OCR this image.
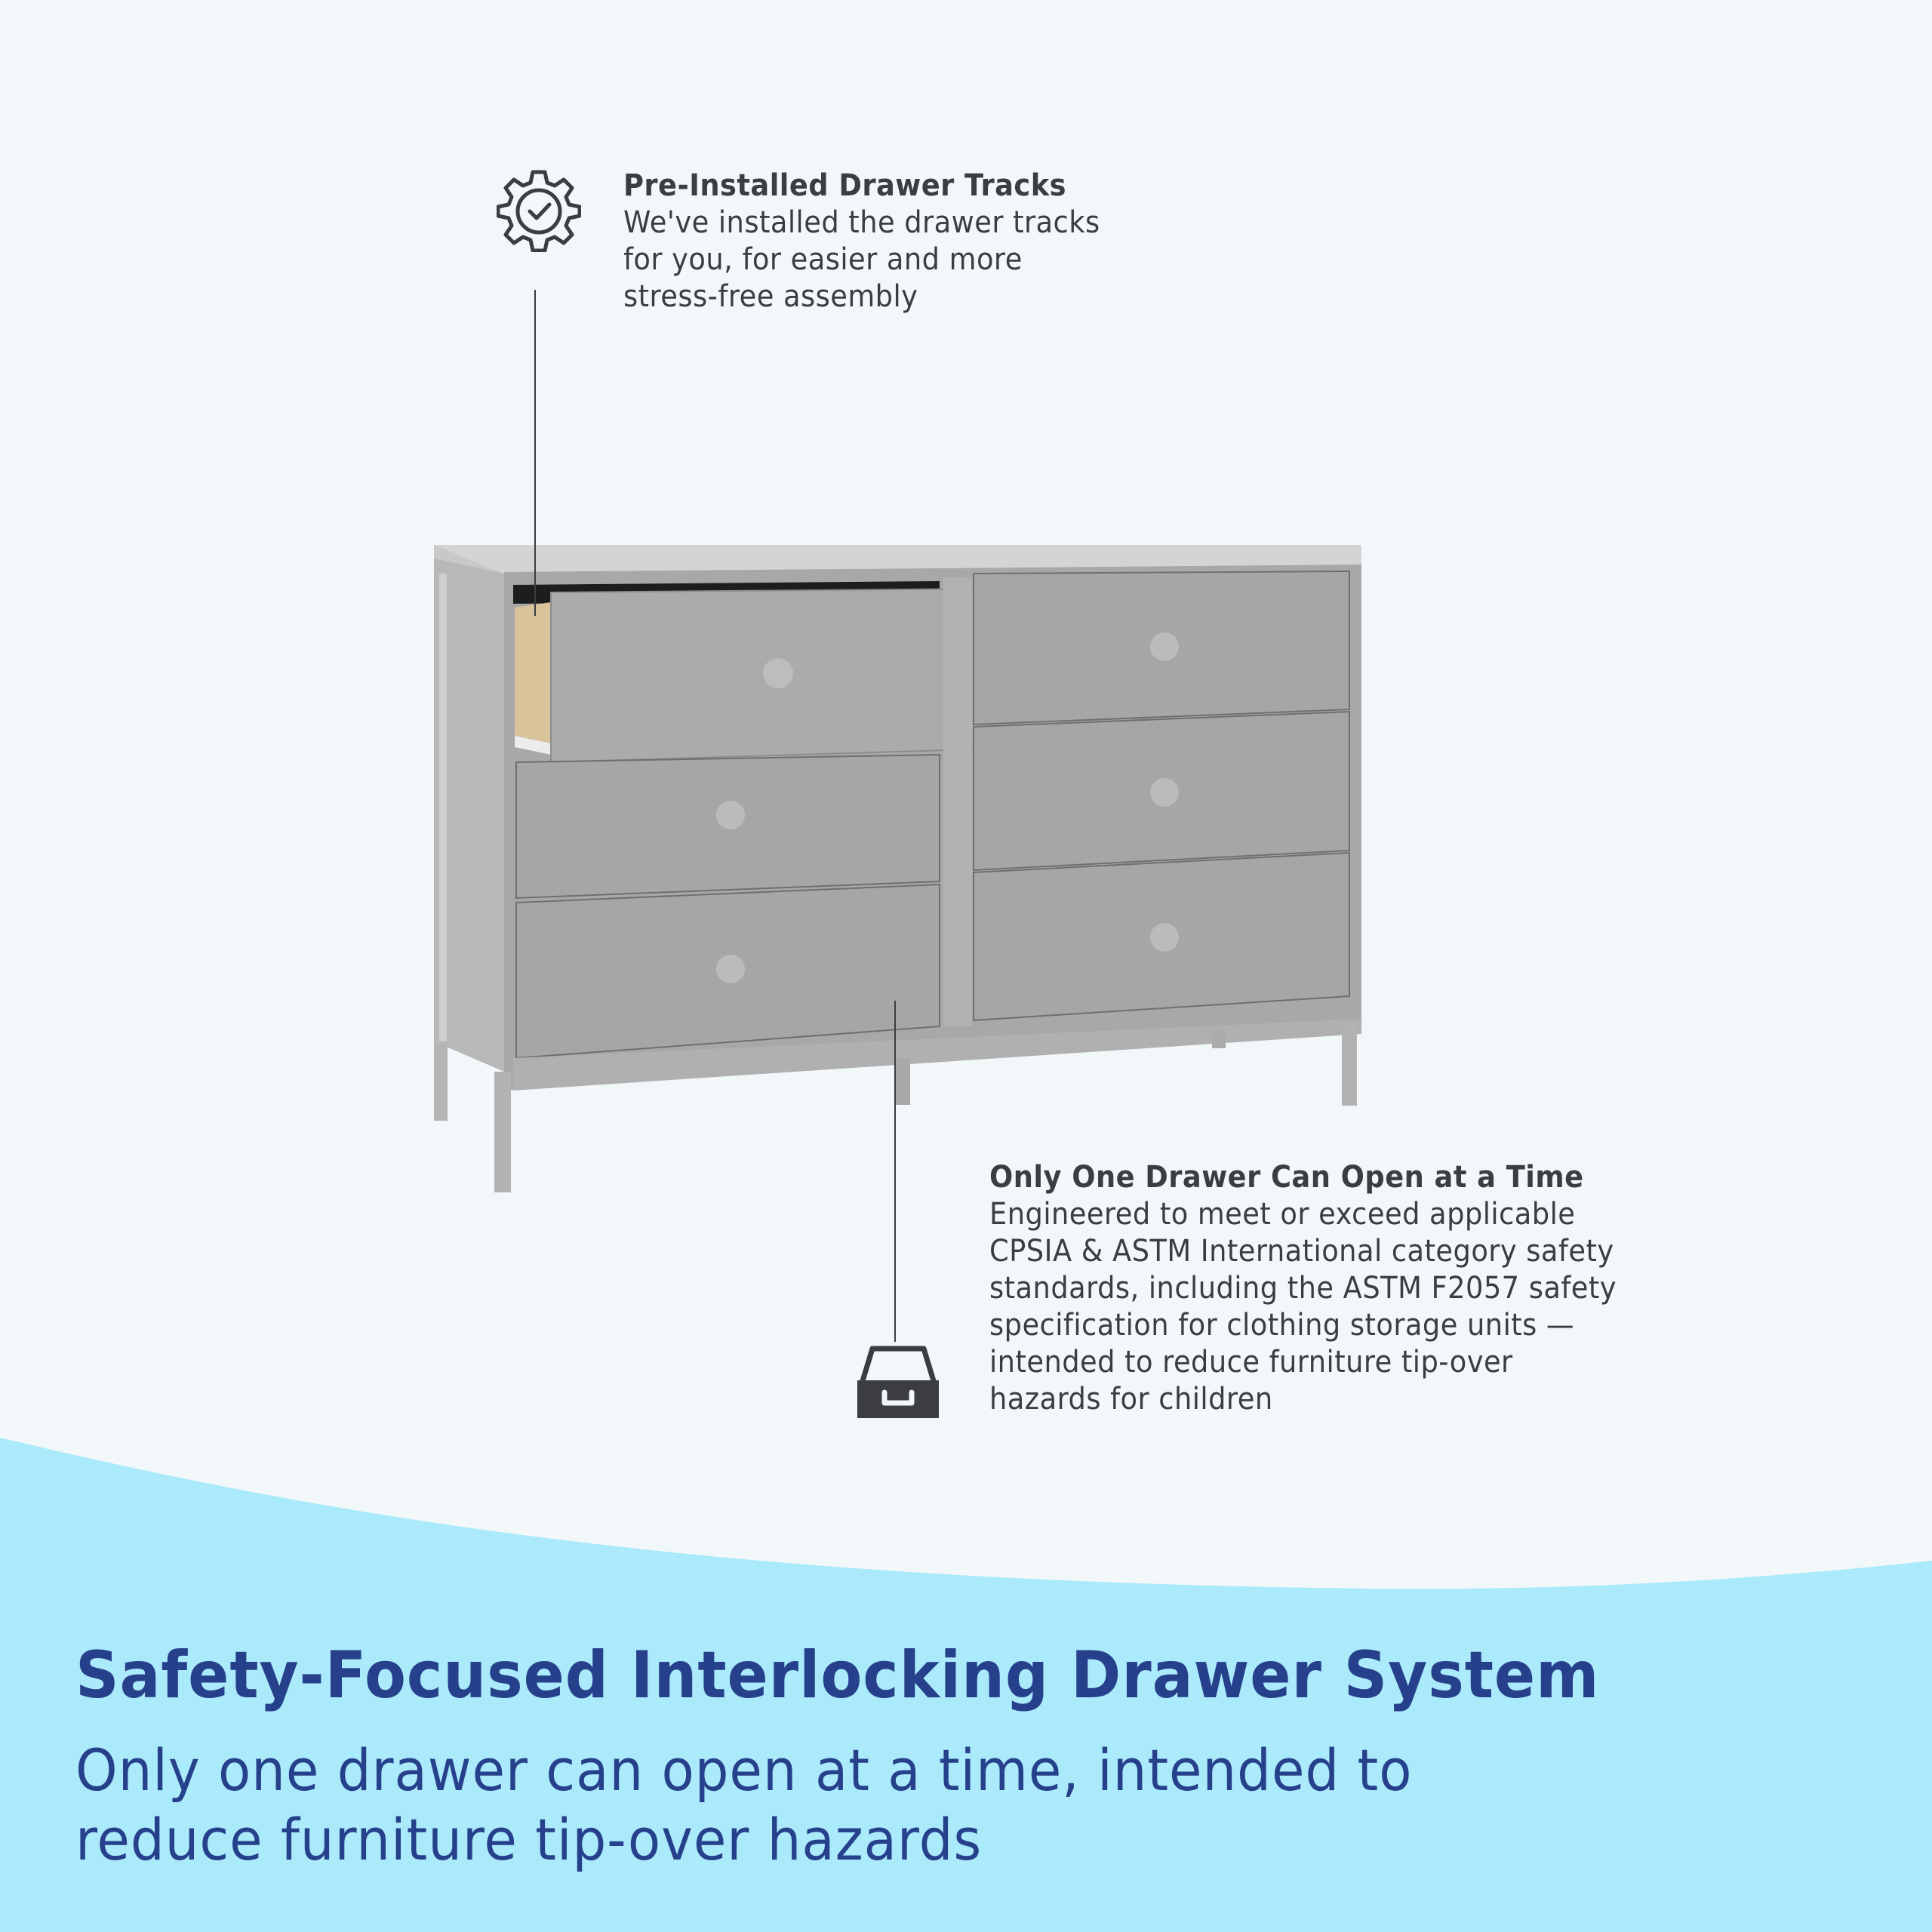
Pre-Installed Drawer Tracks
We've installed the drawer tracks
for you, for easier and more
stress-free assembly
Only One Drawer Can Open at a Time
Engineered to meet or exceed applicable
CPSIA & ASTM International category safety
standards, including the ASTM F2057 safety
specification for clothing storage units —
intended to reduce furniture tip-over
hazards for children
Safety-Focused Interlocking Drawer System
Only one drawer can open at a time, intended to
reduce furniture tip-over hazards
